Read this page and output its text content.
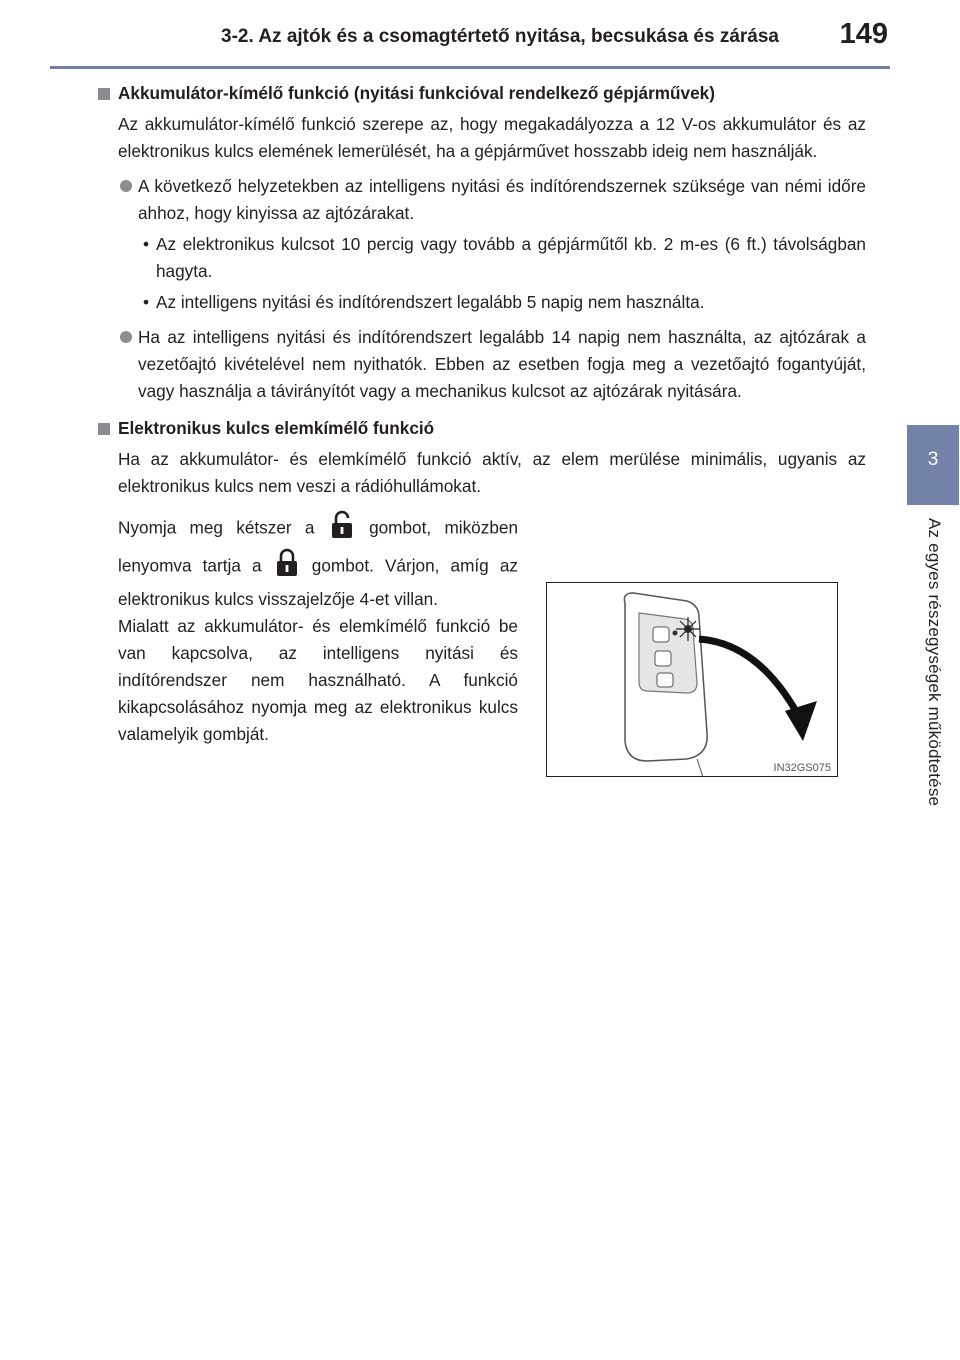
3-2. Az ajtók és a csomagtértető nyitása, becsukása és zárása	149
3
Az egyes részegységek működtetése
Akkumulátor-kímélő funkció (nyitási funkcióval rendelkező gépjárművek)

Az akkumulátor-kímélő funkció szerepe az, hogy megakadályozza a 12 V-os akkumulátor és az elektronikus kulcs elemének lemerülését, ha a gépjárművet hosszabb ideig nem használják.

A következő helyzetekben az intelligens nyitási és indítórendszernek szüksége van némi időre ahhoz, hogy kinyissa az ajtózárakat.
• Az elektronikus kulcsot 10 percig vagy tovább a gépjárműtől kb. 2 m-es (6 ft.) távolságban hagyta.
• Az intelligens nyitási és indítórendszert legalább 5 napig nem használta.
Ha az intelligens nyitási és indítórendszert legalább 14 napig nem használta, az ajtózárak a vezetőajtó kivételével nem nyithatók. Ebben az esetben fogja meg a vezetőajtó fogantyúját, vagy használja a távirányítót vagy a mechanikus kulcsot az ajtózárak nyitására.
Elektronikus kulcs elemkímélő funkció

Ha az akkumulátor- és elemkímélő funkció aktív, az elem merülése minimális, ugyanis az elektronikus kulcs nem veszi a rádióhullámokat.

Nyomja meg kétszer a	gombot, miközben lenyomva tartja a	gombot. Várjon, amíg az elektronikus kulcs visszajelzője 4-et villan.
Mialatt az akkumulátor- és elemkímélő funkció be van kapcsolva, az intelligens nyitási és indítórendszer nem használható. A funkció kikapcsolásához nyomja meg az elektronikus kulcs valamelyik gombját.
IN32GS075
